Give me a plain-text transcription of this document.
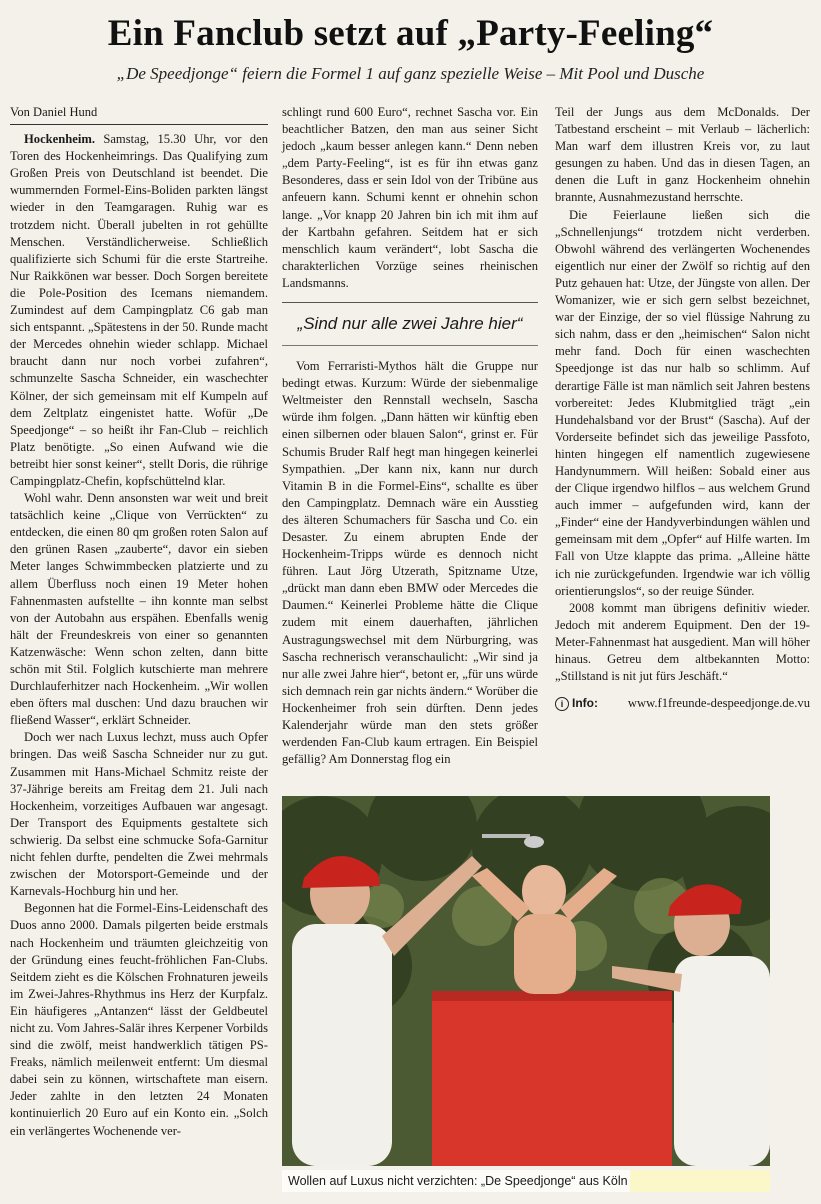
Ein Fanclub setzt auf „Party-Feeling“
„De Speedjonge“ feiern die Formel 1 auf ganz spezielle Weise – Mit Pool und Dusche

Von Daniel Hund

Hockenheim. Samstag, 15.30 Uhr, vor den Toren des Hockenheimrings. Das Qualifying zum Großen Preis von Deutschland ist beendet. Die wummernden Formel-Eins-Boliden parkten längst wieder in den Teamgaragen. Ruhig war es trotzdem nicht. Überall jubelten in rot gehüllte Menschen. Verständlicherweise. Schließlich qualifizierte sich Schumi für die erste Startreihe. Nur Raikkönen war besser. Doch Sorgen bereitete die Pole-Position des Icemans niemandem. Zumindest auf dem Campingplatz C6 gab man sich entspannt. „Spätestens in der 50. Runde macht der Mercedes ohnehin wieder schlapp. Michael braucht dann nur noch vorbei zufahren“, schmunzelte Sascha Schneider, ein waschechter Kölner, der sich gemeinsam mit elf Kumpeln auf dem Zeltplatz eingenistet hatte. Wofür „De Speedjonge“ – so heißt ihr Fan-Club – reichlich Platz benötigte. „So einen Aufwand wie die betreibt hier sonst keiner“, stellt Doris, die rührige Campingplatz-Chefin, kopfschüttelnd klar.

Wohl wahr. Denn ansonsten war weit und breit tatsächlich keine „Clique von Verrückten“ zu entdecken, die einen 80 qm großen roten Salon auf den grünen Rasen „zauberte“, davor ein sieben Meter langes Schwimmbecken platzierte und zu allem Überfluss noch einen 19 Meter hohen Fahnenmasten aufstellte – ihn konnte man selbst von der Autobahn aus erspähen. Ebenfalls wenig hält der Freundeskreis von einer so genannten Katzenwäsche: Wenn schon zelten, dann bitte schön mit Stil. Folglich kutschierte man mehrere Durchlauferhitzer nach Hockenheim. „Wir wollen eben öfters mal duschen: Und dazu brauchen wir fließend Wasser“, erklärt Schneider.

Doch wer nach Luxus lechzt, muss auch Opfer bringen. Das weiß Sascha Schneider nur zu gut. Zusammen mit Hans-Michael Schmitz reiste der 37-Jährige bereits am Freitag dem 21. Juli nach Hockenheim, vorzeitiges Aufbauen war angesagt. Der Transport des Equipments gestaltete sich schwierig. Da selbst eine schmucke Sofa-Garnitur nicht fehlen durfte, pendelten die Zwei mehrmals zwischen der Motorsport-Gemeinde und der Karnevals-Hochburg hin und her.

Begonnen hat die Formel-Eins-Leidenschaft des Duos anno 2000. Damals pilgerten beide erstmals nach Hockenheim und träumten gleichzeitig von der Gründung eines feucht-fröhlichen Fan-Clubs. Seitdem zieht es die Kölschen Frohnaturen jeweils im Zwei-Jahres-Rhythmus ins Herz der Kurpfalz. Ein häufigeres „Antanzen“ lässt der Geldbeutel nicht zu. Vom Jahres-Salär ihres Kerpener Vorbilds sind die zwölf, meist handwerklich tätigen PS-Freaks, nämlich meilenweit entfernt: Um diesmal dabei sein zu können, wirtschaftete man eisern. Jeder zahlte in den letzten 24 Monaten kontinuierlich 20 Euro auf ein Konto ein. „Solch ein verlängertes Wochenende ver-

schlingt rund 600 Euro“, rechnet Sascha vor. Ein beachtlicher Batzen, den man aus seiner Sicht jedoch „kaum besser anlegen kann.“ Denn neben „dem Party-Feeling“, ist es für ihn etwas ganz Besonderes, dass er sein Idol von der Tribüne aus anfeuern kann. Schumi kennt er ohnehin schon lange. „Vor knapp 20 Jahren bin ich mit ihm auf der Kartbahn gefahren. Seitdem hat er sich menschlich kaum verändert“, lobt Sascha die charakterlichen Vorzüge seines rheinischen Landsmanns.

„Sind nur alle zwei Jahre hier“

Vom Ferraristi-Mythos hält die Gruppe nur bedingt etwas. Kurzum: Würde der siebenmalige Weltmeister den Rennstall wechseln, Sascha würde ihm folgen. „Dann hätten wir künftig eben einen silbernen oder blauen Salon“, grinst er. Für Schumis Bruder Ralf hegt man hingegen keinerlei Sympathien. „Der kann nix, kann nur durch Vitamin B in die Formel-Eins“, schallte es über den Campingplatz. Demnach wäre ein Ausstieg des älteren Schumachers für Sascha und Co. ein Desaster. Zu einem abrupten Ende der Hockenheim-Tripps würde es dennoch nicht führen. Laut Jörg Utzerath, Spitzname Utze, „drückt man dann eben BMW oder Mercedes die Daumen.“ Keinerlei Probleme hätte die Clique zudem mit einem dauerhaften, jährlichen Austragungswechsel mit dem Nürburgring, was Sascha rechnerisch veranschaulicht: „Wir sind ja nur alle zwei Jahre hier“, betont er, „für uns würde sich demnach rein gar nichts ändern.“ Worüber die Hockenheimer froh sein dürften. Denn jedes Kalenderjahr würde man den stets größer werdenden Fan-Club kaum ertragen. Ein Beispiel gefällig? Am Donnerstag flog ein

Teil der Jungs aus dem McDonalds. Der Tatbestand erscheint – mit Verlaub – lächerlich: Man warf dem illustren Kreis vor, zu laut gesungen zu haben. Und das in diesen Tagen, an denen die Luft in ganz Hockenheim ohnehin brannte, Ausnahmezustand herrschte.

Die Feierlaune ließen sich die „Schnellenjungs“ trotzdem nicht verderben. Obwohl während des verlängerten Wochenendes eigentlich nur einer der Zwölf so richtig auf den Putz gehauen hat: Utze, der Jüngste von allen. Der Womanizer, wie er sich gern selbst bezeichnet, war der Einzige, der so viel flüssige Nahrung zu sich nahm, dass er den „heimischen“ Salon nicht mehr fand. Doch für einen waschechten Speedjonge ist das nur halb so schlimm. Auf derartige Fälle ist man nämlich seit Jahren bestens vorbereitet: Jedes Klubmitglied trägt „ein Hundehalsband vor der Brust“ (Sascha). Auf der Vorderseite befindet sich das jeweilige Passfoto, hinten hingegen elf namentlich zugewiesene Handynummern. Will heißen: Sobald einer aus der Clique irgendwo hilflos – aus welchem Grund auch immer – aufgefunden wird, kann der „Finder“ eine der Handyverbindungen wählen und gemeinsam mit dem „Opfer“ auf Hilfe warten. Im Fall von Utze klappte das prima. „Alleine hätte ich nie zurückgefunden. Irgendwie war ich völlig orientierungslos“, so der reuige Sünder.

2008 kommt man übrigens definitiv wieder. Jedoch mit anderem Equipment. Den der 19-Meter-Fahnenmast hat ausgedient. Man will höher hinaus. Getreu dem altbekannten Motto: „Stillstand is nit jut fürs Jeschäft.“

i Info: www.f1freunde-despeedjonge.de.vu
Wollen auf Luxus nicht verzichten: „De Speedjonge“ aus Köln
